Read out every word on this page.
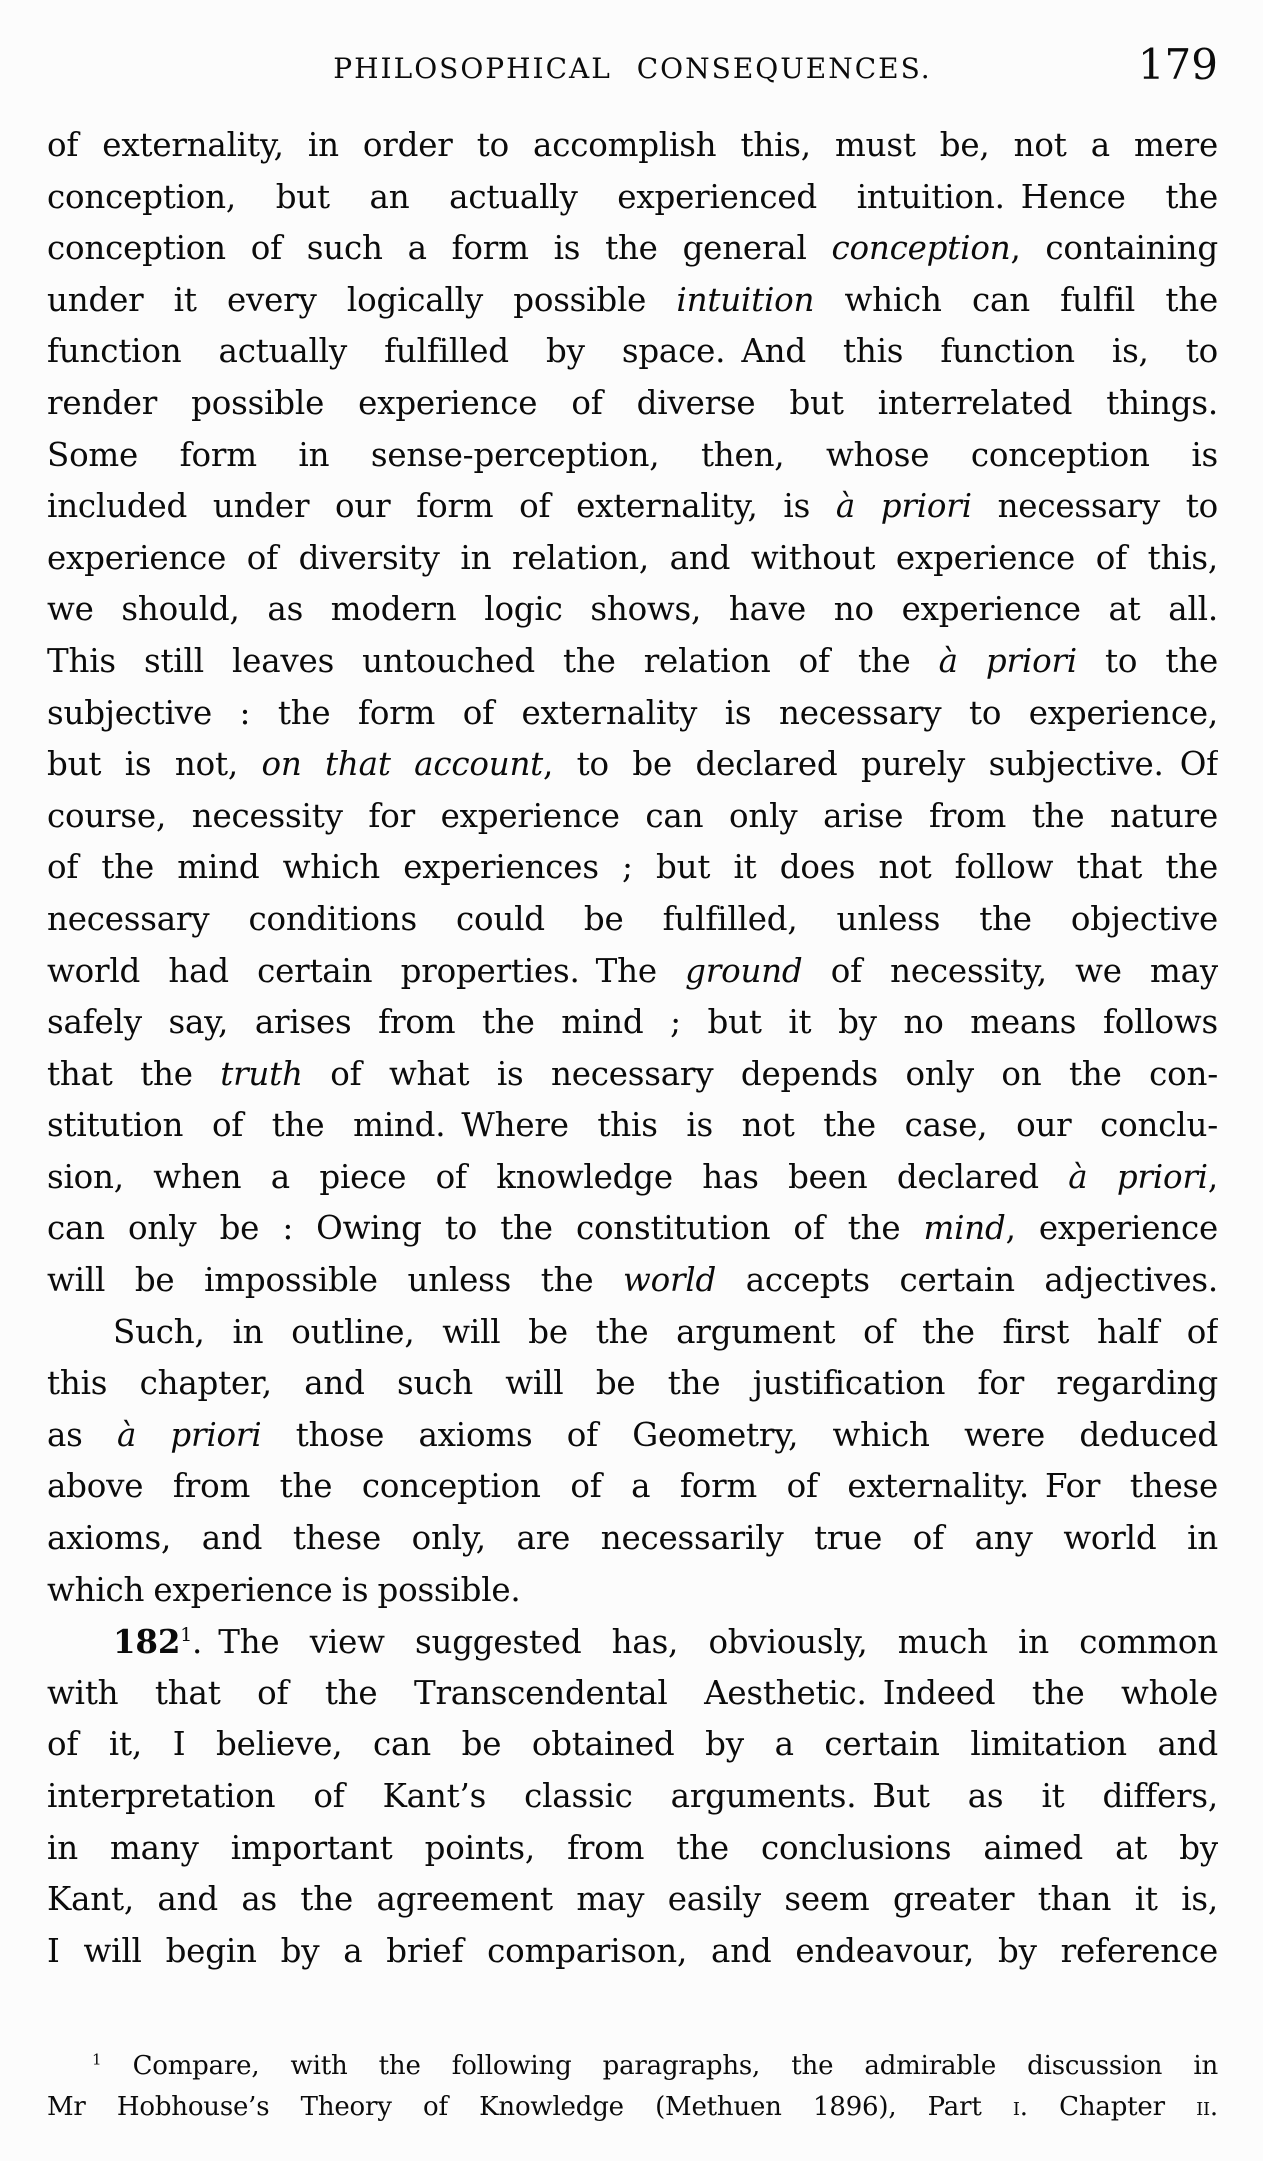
PHILOSOPHICAL CONSEQUENCES.	179
of externality, in order to accomplish this, must be, not a mere
conception, but an actually experienced intuition. Hence the
conception of such a form is the general conception, containing
under it every logically possible intuition which can fulfil the
function actually fulfilled by space. And this function is, to
render possible experience of diverse but interrelated things.
Some form in sense-perception, then, whose conception is
included under our form of externality, is à priori necessary to
experience of diversity in relation, and without experience of this,
we should, as modern logic shows, have no experience at all.
This still leaves untouched the relation of the à priori to the
subjective : the form of externality is necessary to experience,
but is not, on that account, to be declared purely subjective. Of
course, necessity for experience can only arise from the nature
of the mind which experiences ; but it does not follow that the
necessary conditions could be fulfilled, unless the objective
world had certain properties. The ground of necessity, we may
safely say, arises from the mind ; but it by no means follows
that the truth of what is necessary depends only on the con-
stitution of the mind. Where this is not the case, our conclu-
sion, when a piece of knowledge has been declared à priori,
can only be : Owing to the constitution of the mind, experience
will be impossible unless the world accepts certain adjectives.
Such, in outline, will be the argument of the first half of
this chapter, and such will be the justification for regarding
as à priori those axioms of Geometry, which were deduced
above from the conception of a form of externality. For these
axioms, and these only, are necessarily true of any world in
which experience is possible.
$182^1$. The view suggested has, obviously, much in common
with that of the Transcendental Aesthetic. Indeed the whole
of it, I believe, can be obtained by a certain limitation and
interpretation of Kant’s classic arguments. But as it differs,
in many important points, from the conclusions aimed at by
Kant, and as the agreement may easily seem greater than it is,
I will begin by a brief comparison, and endeavour, by reference
$^1$ Compare, with the following paragraphs, the admirable discussion in
Mr Hobhouse’s Theory of Knowledge (Methuen 1896), Part i. Chapter ii.
